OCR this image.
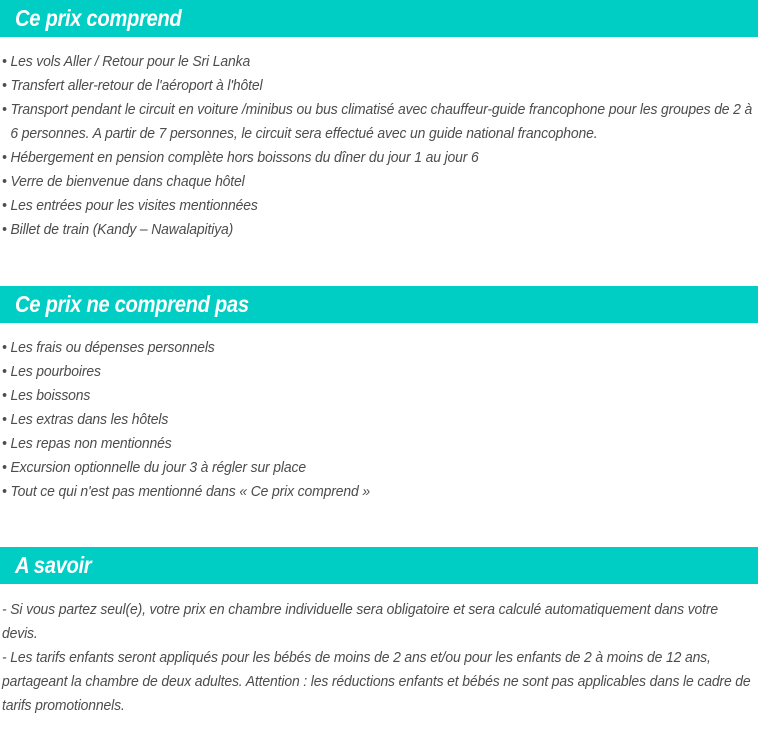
Ce prix comprend

• Les vols Aller / Retour pour le Sri Lanka

• Transfert aller-retour de l'aéroport à l'hôtel

• Transport pendant le circuit en voiture /minibus ou bus climatisé avec chauffeur-guide francophone pour les groupes de 2 à 6 personnes. A partir de 7 personnes, le circuit sera effectué avec un guide national francophone.

• Hébergement en pension complète hors boissons du dîner du jour 1 au jour 6

• Verre de bienvenue dans chaque hôtel

• Les entrées pour les visites mentionnées

• Billet de train (Kandy – Nawalapitiya)

Ce prix ne comprend pas

• Les frais ou dépenses personnels

• Les pourboires

• Les boissons

• Les extras dans les hôtels

• Les repas non mentionnés

• Excursion optionnelle du jour 3 à régler sur place

• Tout ce qui n'est pas mentionné dans « Ce prix comprend »

A savoir

- Si vous partez seul(e), votre prix en chambre individuelle sera obligatoire et sera calculé automatiquement dans votre devis.

- Les tarifs enfants seront appliqués pour les bébés de moins de 2 ans et/ou pour les enfants de 2 à moins de 12 ans, partageant la chambre de deux adultes. Attention : les réductions enfants et bébés ne sont pas applicables dans le cadre de tarifs promotionnels.
